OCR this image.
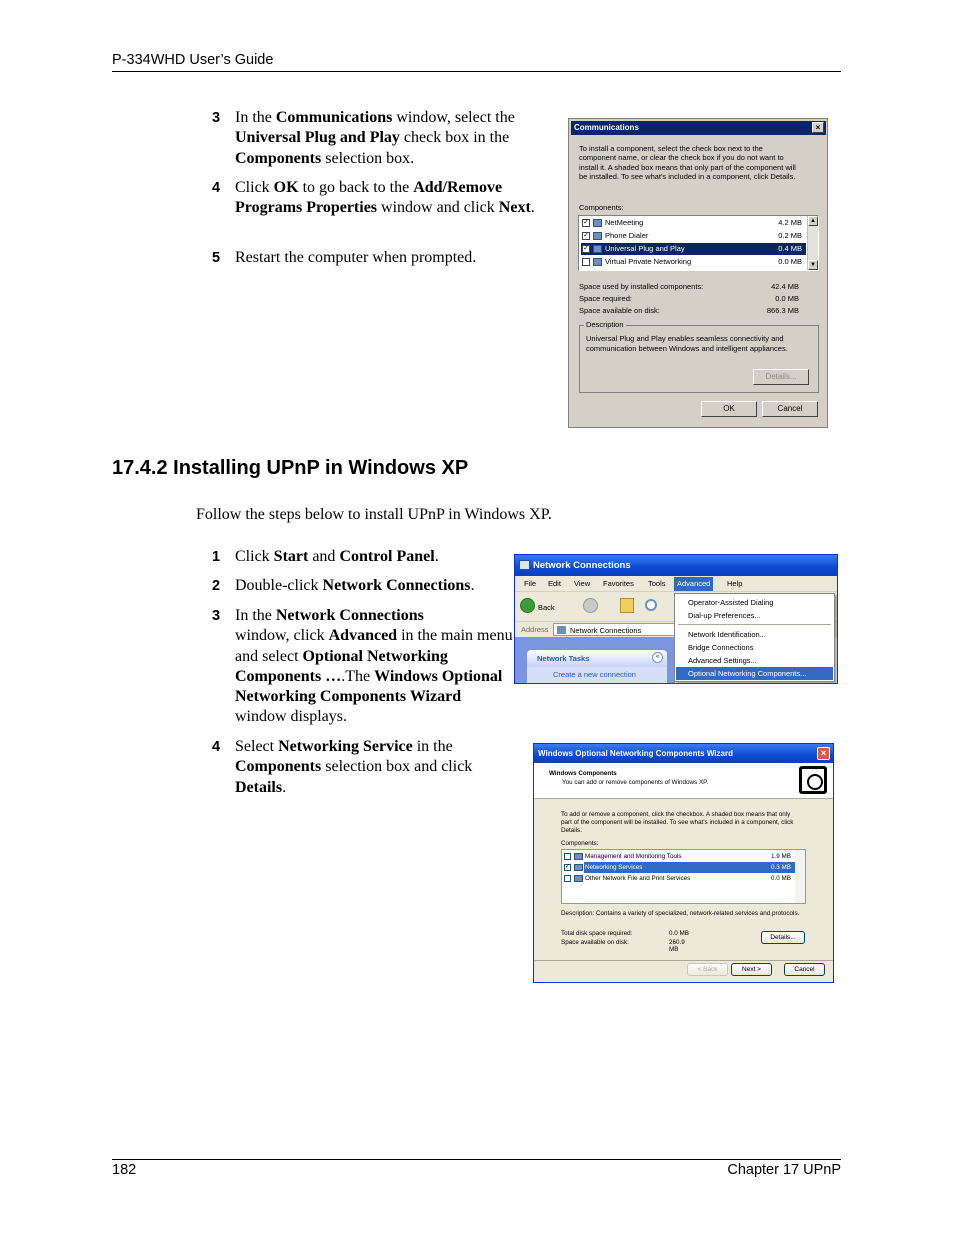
P-334WHD User’s Guide
3 In the Communications window, select the Universal Plug and Play check box in the Components selection box.
4 Click OK to go back to the Add/Remove Programs Properties window and click Next.
5 Restart the computer when prompted.
Communications	×
To install a component, select the check box next to the
component name, or clear the check box if you do not want to
install it. A shaded box means that only part of the component will
be installed. To see what's included in a component, click Details.
Components:
✓ NetMeeting	4.2 MB
✓ Phone Dialer	0.2 MB
✓ Universal Plug and Play	0.4 MB
Virtual Private Networking	0.0 MB
▲
▼
Space used by installed components:	42.4 MB
Space required:	0.0 MB
Space available on disk:	866.3 MB
Universal Plug and Play enables seamless connectivity and
communication between Windows and intelligent appliances.
Details...
Description
OK	Cancel
17.4.2 Installing UPnP in Windows XP
Follow the steps below to install UPnP in Windows XP.
1 Click Start and Control Panel.
2 Double-click Network Connections.
3 In the Network Connections
window, click Advanced in the main menu and select Optional Networking Components ….The Windows Optional Networking Components Wizard window displays.
4 Select Networking Service in the Components selection box and click Details.
Network Connections
File Edit View Favorites Tools	Advanced	Help
Back
Address	Network Connections
Network Tasks	«
Create a new connection
Operator-Assisted Dialing
Dial-up Preferences...
Network Identification...
Bridge Connections
Advanced Settings...
Optional Networking Components...
Windows Optional Networking Components Wizard	×
Windows Components
You can add or remove components of Windows XP.
To add or remove a component, click the checkbox. A shaded box means that only
part of the component will be installed. To see what's included in a component, click
Details.
Components:
Management and Monitoring Tools	1.9 MB
✓ Networking Services	0.3 MB
Other Network File and Print Services	0.0 MB
Description: Contains a variety of specialized, network-related services and protocols.
Total disk space required:	0.0 MB
Space available on disk:	260.9 MB
Details...
< Back	Next >	Cancel
182	Chapter 17 UPnP
